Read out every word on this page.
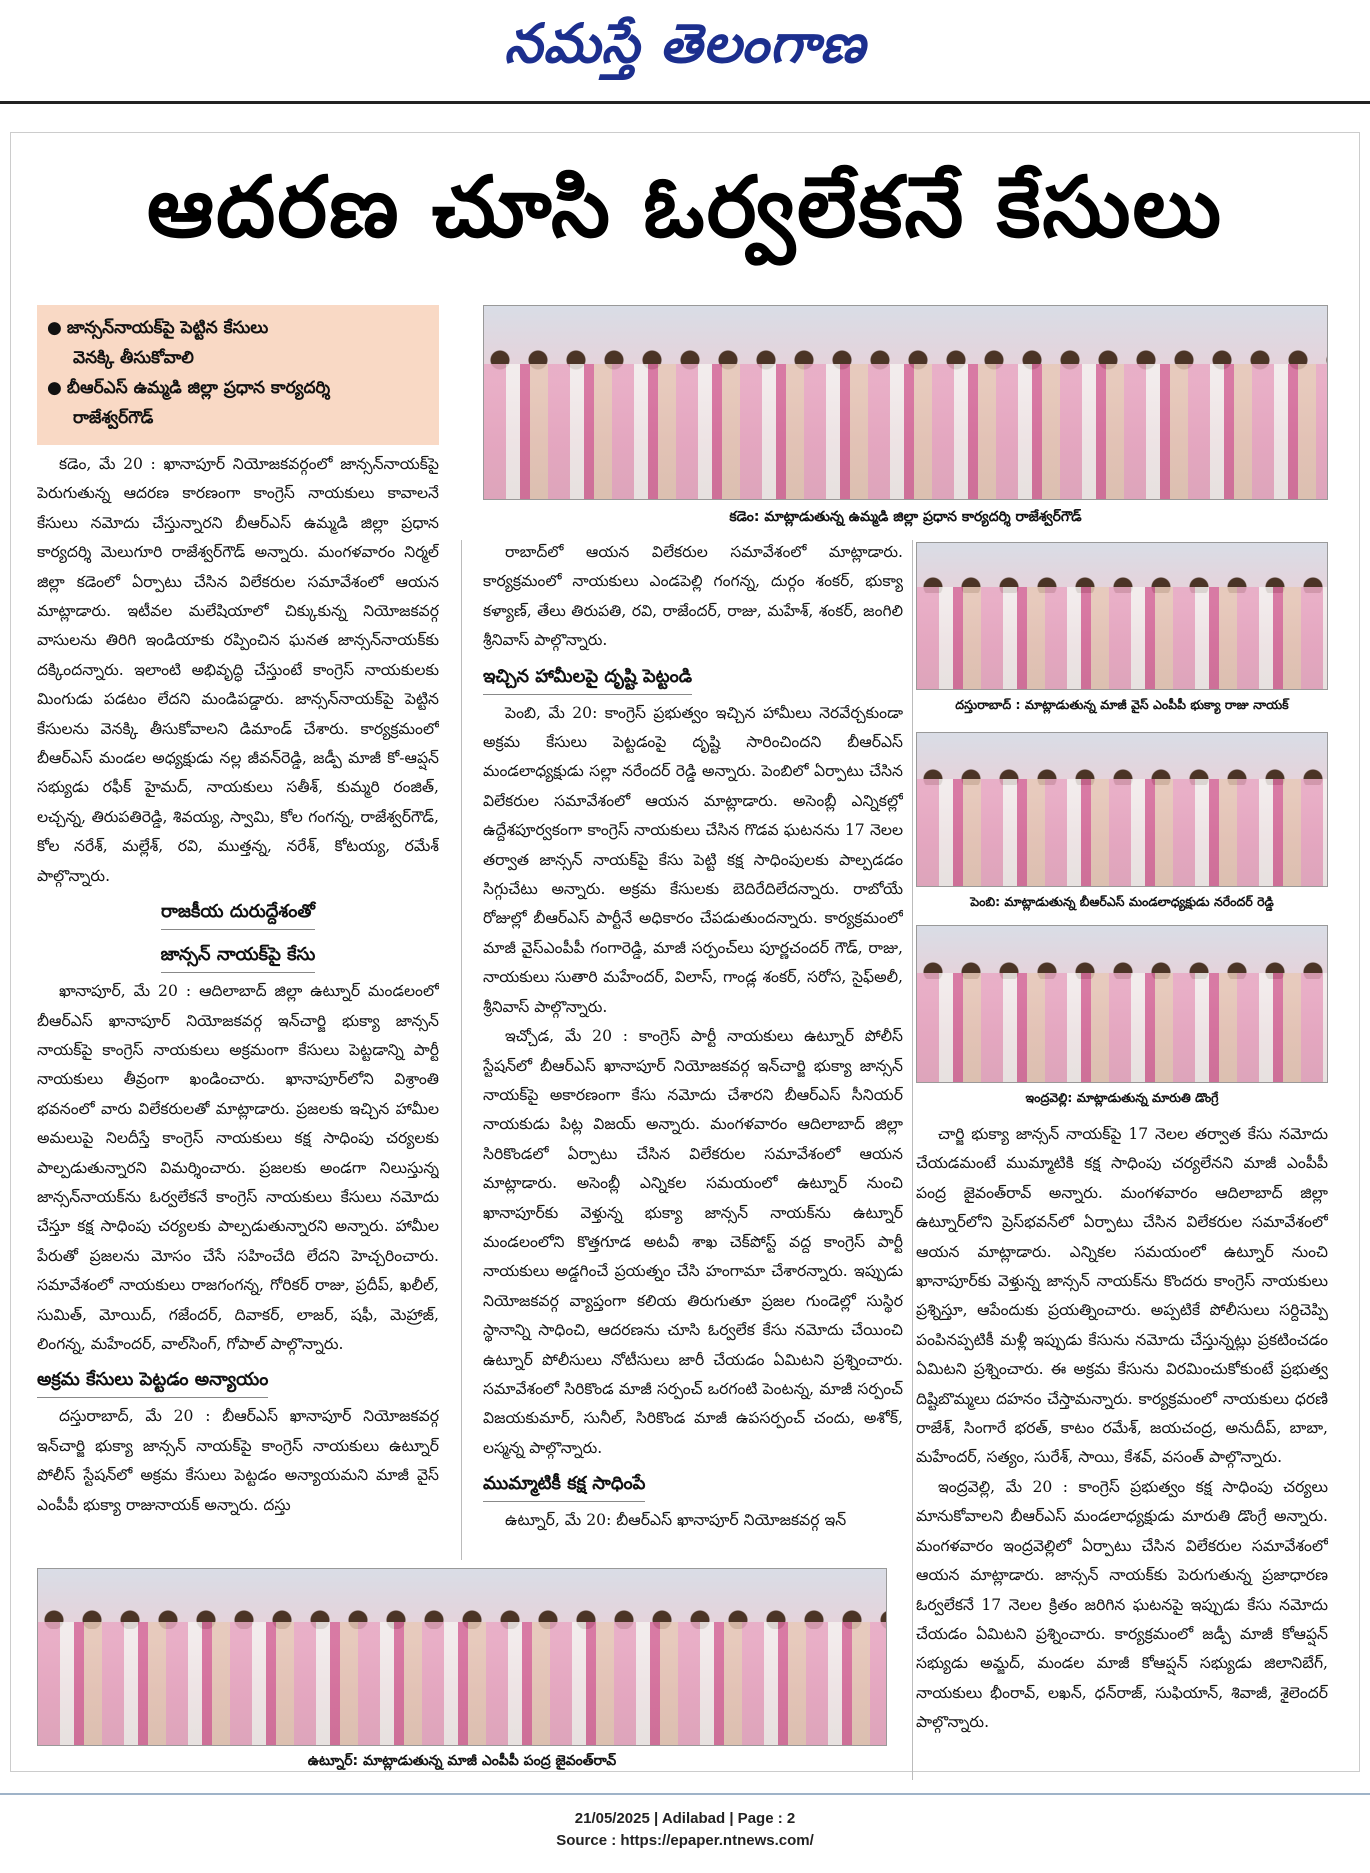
నమస్తే తెలంగాణ
ఆదరణ చూసి ఓర్వలేకనే కేసులు
● జాన్సన్‌నాయక్‌పై పెట్టిన కేసులు
వెనక్కి తీసుకోవాలి
● బీఆర్‌ఎస్ ఉమ్మడి జిల్లా ప్రధాన కార్యదర్శి
రాజేశ్వర్‌గౌడ్
కడెం: మాట్లాడుతున్న ఉమ్మడి జిల్లా ప్రధాన కార్యదర్శి రాజేశ్వర్‌గౌడ్

కడెం, మే 20 : ఖానాపూర్ నియోజకవర్గంలో జాన్సన్‌నాయక్‌పై పెరుగుతున్న ఆదరణ కారణంగా కాంగ్రెస్ నాయకులు కావాలనే కేసులు నమోదు చేస్తున్నారని బీఆర్‌ఎస్ ఉమ్మడి జిల్లా ప్రధాన కార్యదర్శి మెలుగూరి రాజేశ్వర్‌గౌడ్ అన్నారు. మంగళవారం నిర్మల్ జిల్లా కడెంలో ఏర్పాటు చేసిన విలేకరుల సమావేశంలో ఆయన మాట్లాడారు. ఇటీవల మలేషియాలో చిక్కుకున్న నియోజకవర్గ వాసులను తిరిగి ఇండియాకు రప్పించిన ఘనత జాన్సన్‌నాయక్‌కు దక్కిందన్నారు. ఇలాంటి అభివృద్ధి చేస్తుంటే కాంగ్రెస్ నాయకులకు మింగుడు పడటం లేదని మండిపడ్డారు. జాన్సన్‌నాయక్‌పై పెట్టిన కేసులను వెనక్కి తీసుకోవాలని డిమాండ్ చేశారు. కార్యక్రమంలో బీఆర్‌ఎస్ మండల అధ్యక్షుడు నల్ల జీవన్‌రెడ్డి, జడ్పీ మాజీ కో-ఆప్షన్ సభ్యుడు రఫీక్ హైమద్, నాయకులు సతీశ్, కుమ్మరి రంజిత్, లచ్చన్న, తిరుపతిరెడ్డి, శివయ్య, స్వామి, కోల గంగన్న, రాజేశ్వర్‌గౌడ్, కోల నరేశ్, మల్లేశ్, రవి, ముత్తన్న, నరేశ్, కోటయ్య, రమేశ్ పాల్గొన్నారు.

రాజకీయ దురుద్దేశంతో
జాన్సన్ నాయక్‌పై కేసు

ఖానాపూర్, మే 20 : ఆదిలాబాద్ జిల్లా ఉట్నూర్ మండలంలో బీఆర్‌ఎస్ ఖానాపూర్ నియోజకవర్గ ఇన్‌చార్జి భుక్యా జాన్సన్ నాయక్‌పై కాంగ్రెస్ నాయకులు అక్రమంగా కేసులు పెట్టడాన్ని పార్టీ నాయకులు తీవ్రంగా ఖండించారు. ఖానాపూర్‌లోని విశ్రాంతి భవనంలో వారు విలేకరులతో మాట్లాడారు. ప్రజలకు ఇచ్చిన హామీల అమలుపై నిలదీస్తే కాంగ్రెస్ నాయకులు కక్ష సాధింపు చర్యలకు పాల్పడుతున్నారని విమర్శించారు. ప్రజలకు అండగా నిలుస్తున్న జాన్సన్‌నాయక్‌ను ఓర్వలేకనే కాంగ్రెస్ నాయకులు కేసులు నమోదు చేస్తూ కక్ష సాధింపు చర్యలకు పాల్పడుతున్నారని అన్నారు. హామీల పేరుతో ప్రజలను మోసం చేసే సహించేది లేదని హెచ్చరించారు. సమావేశంలో నాయకులు రాజగంగన్న, గోరికర్ రాజు, ప్రదీప్, ఖలీల్, సుమిత్, మోయిద్, గజేందర్, దివాకర్, లాజర్, షఫీ, మెహ్రాజ్, లింగన్న, మహేందర్, వాల్‌సింగ్, గోపాల్ పాల్గొన్నారు.

అక్రమ కేసులు పెట్టడం అన్యాయం

దస్తురాబాద్, మే 20 : బీఆర్‌ఎస్ ఖానాపూర్ నియోజకవర్గ ఇన్‌చార్జి భుక్యా జాన్సన్ నాయక్‌పై కాంగ్రెస్ నాయకులు ఉట్నూర్ పోలీస్ స్టేషన్‌లో అక్రమ కేసులు పెట్టడం అన్యాయమని మాజీ వైస్ ఎంపీపీ భుక్యా రాజునాయక్ అన్నారు. దస్తు

రాబాద్‌లో ఆయన విలేకరుల సమావేశంలో మాట్లాడారు. కార్యక్రమంలో నాయకులు ఎండపెల్లి గంగన్న, దుర్గం శంకర్, భుక్యా కళ్యాణ్, తేలు తిరుపతి, రవి, రాజేందర్, రాజు, మహేశ్, శంకర్, జంగిలి శ్రీనివాస్ పాల్గొన్నారు.

ఇచ్చిన హామీలపై దృష్టి పెట్టండి

పెంబి, మే 20: కాంగ్రెస్ ప్రభుత్వం ఇచ్చిన హామీలు నెరవేర్చకుండా అక్రమ కేసులు పెట్టడంపై దృష్టి సారించిందని బీఆర్‌ఎస్ మండలాధ్యక్షుడు సల్లా నరేందర్ రెడ్డి అన్నారు. పెంబిలో ఏర్పాటు చేసిన విలేకరుల సమావేశంలో ఆయన మాట్లాడారు. అసెంబ్లీ ఎన్నికల్లో ఉద్దేశపూర్వకంగా కాంగ్రెస్ నాయకులు చేసిన గొడవ ఘటనను 17 నెలల తర్వాత జాన్సన్ నాయక్‌పై కేసు పెట్టి కక్ష సాధింపులకు పాల్పడడం సిగ్గుచేటు అన్నారు. అక్రమ కేసులకు బెదిరేదిలేదన్నారు. రాబోయే రోజుల్లో బీఆర్‌ఎస్ పార్టీనే అధికారం చేపడుతుందన్నారు. కార్యక్రమంలో మాజీ వైస్ఎంపీపీ గంగారెడ్డి, మాజీ సర్పంచ్‌లు పూర్ణచందర్ గౌడ్, రాజు, నాయకులు సుతారి మహేందర్, విలాస్, గాండ్ల శంకర్, సరోస, సైఫ్అలీ, శ్రీనివాస్ పాల్గొన్నారు.

ఇచ్చోడ, మే 20 : కాంగ్రెస్ పార్టీ నాయకులు ఉట్నూర్ పోలీస్ స్టేషన్‌లో బీఆర్‌ఎస్ ఖానాపూర్ నియోజకవర్గ ఇన్‌చార్జి భుక్యా జాన్సన్ నాయక్‌పై అకారణంగా కేసు నమోదు చేశారని బీఆర్‌ఎస్ సీనియర్ నాయకుడు పిట్ల విజయ్ అన్నారు. మంగళవారం ఆదిలాబాద్ జిల్లా సిరికొండలో ఏర్పాటు చేసిన విలేకరుల సమావేశంలో ఆయన మాట్లాడారు. అసెంబ్లీ ఎన్నికల సమయంలో ఉట్నూర్ నుంచి ఖానాపూర్‌కు వెళ్తున్న భుక్యా జాన్సన్ నాయక్‌ను ఉట్నూర్ మండలంలోని కొత్తగూడ అటవీ శాఖ చెక్‌పోస్ట్ వద్ద కాంగ్రెస్ పార్టీ నాయకులు అడ్డగించే ప్రయత్నం చేసి హంగామా చేశారన్నారు. ఇప్పుడు నియోజకవర్గ వ్యాప్తంగా కలియ తిరుగుతూ ప్రజల గుండెల్లో సుస్థిర స్థానాన్ని సాధించి, ఆదరణను చూసి ఓర్వలేక కేసు నమోదు చేయించి ఉట్నూర్ పోలీసులు నోటీసులు జారీ చేయడం ఏమిటని ప్రశ్నించారు. సమావేశంలో సిరికొండ మాజీ సర్పంచ్ ఒరగంటి పెంటన్న, మాజీ సర్పంచ్ విజయకుమార్, సునీల్, సిరికొండ మాజీ ఉపసర్పంచ్ చందు, అశోక్, లస్మన్న పాల్గొన్నారు.

ముమ్మాటికీ కక్ష సాధింపే

ఉట్నూర్, మే 20: బీఆర్‌ఎస్ ఖానాపూర్ నియోజకవర్గ ఇన్

దస్తురాబాద్ : మాట్లాడుతున్న మాజీ వైస్ ఎంపీపీ భుక్యా రాజు నాయక్
పెంబి: మాట్లాడుతున్న బీఆర్‌ఎస్ మండలాధ్యక్షుడు నరేందర్ రెడ్డి
ఇంద్రవెల్లి: మాట్లాడుతున్న మారుతి డొంగ్రే

చార్జి భుక్యా జాన్సన్ నాయక్‌పై 17 నెలల తర్వాత కేసు నమోదు చేయడమంటే ముమ్మాటికి కక్ష సాధింపు చర్యలేనని మాజీ ఎంపీపీ పంద్ర జైవంత్‌రావ్ అన్నారు. మంగళవారం ఆదిలాబాద్ జిల్లా ఉట్నూర్‌లోని ప్రెస్‌భవన్‌లో ఏర్పాటు చేసిన విలేకరుల సమావేశంలో ఆయన మాట్లాడారు. ఎన్నికల సమయంలో ఉట్నూర్ నుంచి ఖానాపూర్‌కు వెళ్తున్న జాన్సన్ నాయక్‌ను కొందరు కాంగ్రెస్ నాయకులు ప్రశ్నిస్తూ, ఆపేందుకు ప్రయత్నించారు. అప్పటికే పోలీసులు సర్దిచెప్పి పంపినప్పటికీ మళ్లీ ఇప్పుడు కేసును నమోదు చేస్తున్నట్లు ప్రకటించడం ఏమిటని ప్రశ్నించారు. ఈ అక్రమ కేసును విరమించుకోకుంటే ప్రభుత్వ దిష్టిబొమ్మలు దహనం చేస్తామన్నారు. కార్యక్రమంలో నాయకులు ధరణి రాజేశ్, సింగారే భరత్, కాటం రమేశ్, జయచంద్ర, అనుదీప్, బాబా, మహేందర్, సత్యం, సురేశ్, సాయి, కేశవ్, వసంత్ పాల్గొన్నారు.

ఇంద్రవెల్లి, మే 20 : కాంగ్రెస్ ప్రభుత్వం కక్ష సాధింపు చర్యలు మానుకోవాలని బీఆర్‌ఎస్ మండలాధ్యక్షుడు మారుతి డొంగ్రే అన్నారు. మంగళవారం ఇంద్రవెల్లిలో ఏర్పాటు చేసిన విలేకరుల సమావేశంలో ఆయన మాట్లాడారు. జాన్సన్ నాయక్‌కు పెరుగుతున్న ప్రజాధారణ ఓర్వలేకనే 17 నెలల క్రితం జరిగిన ఘటనపై ఇప్పుడు కేసు నమోదు చేయడం ఏమిటని ప్రశ్నించారు. కార్యక్రమంలో జడ్పీ మాజీ కోఆప్షన్ సభ్యుడు అమ్జద్, మండల మాజీ కోఆప్షన్ సభ్యుడు జిలానిబేగ్, నాయకులు భీంరావ్, లఖన్, ధన్‌రాజ్, సుఫియాన్, శివాజీ, శైలెందర్ పాల్గొన్నారు.

ఉట్నూర్: మాట్లాడుతున్న మాజీ ఎంపీపీ పంద్ర జైవంత్‌రావ్
21/05/2025 | Adilabad | Page : 2
Source : https://epaper.ntnews.com/
